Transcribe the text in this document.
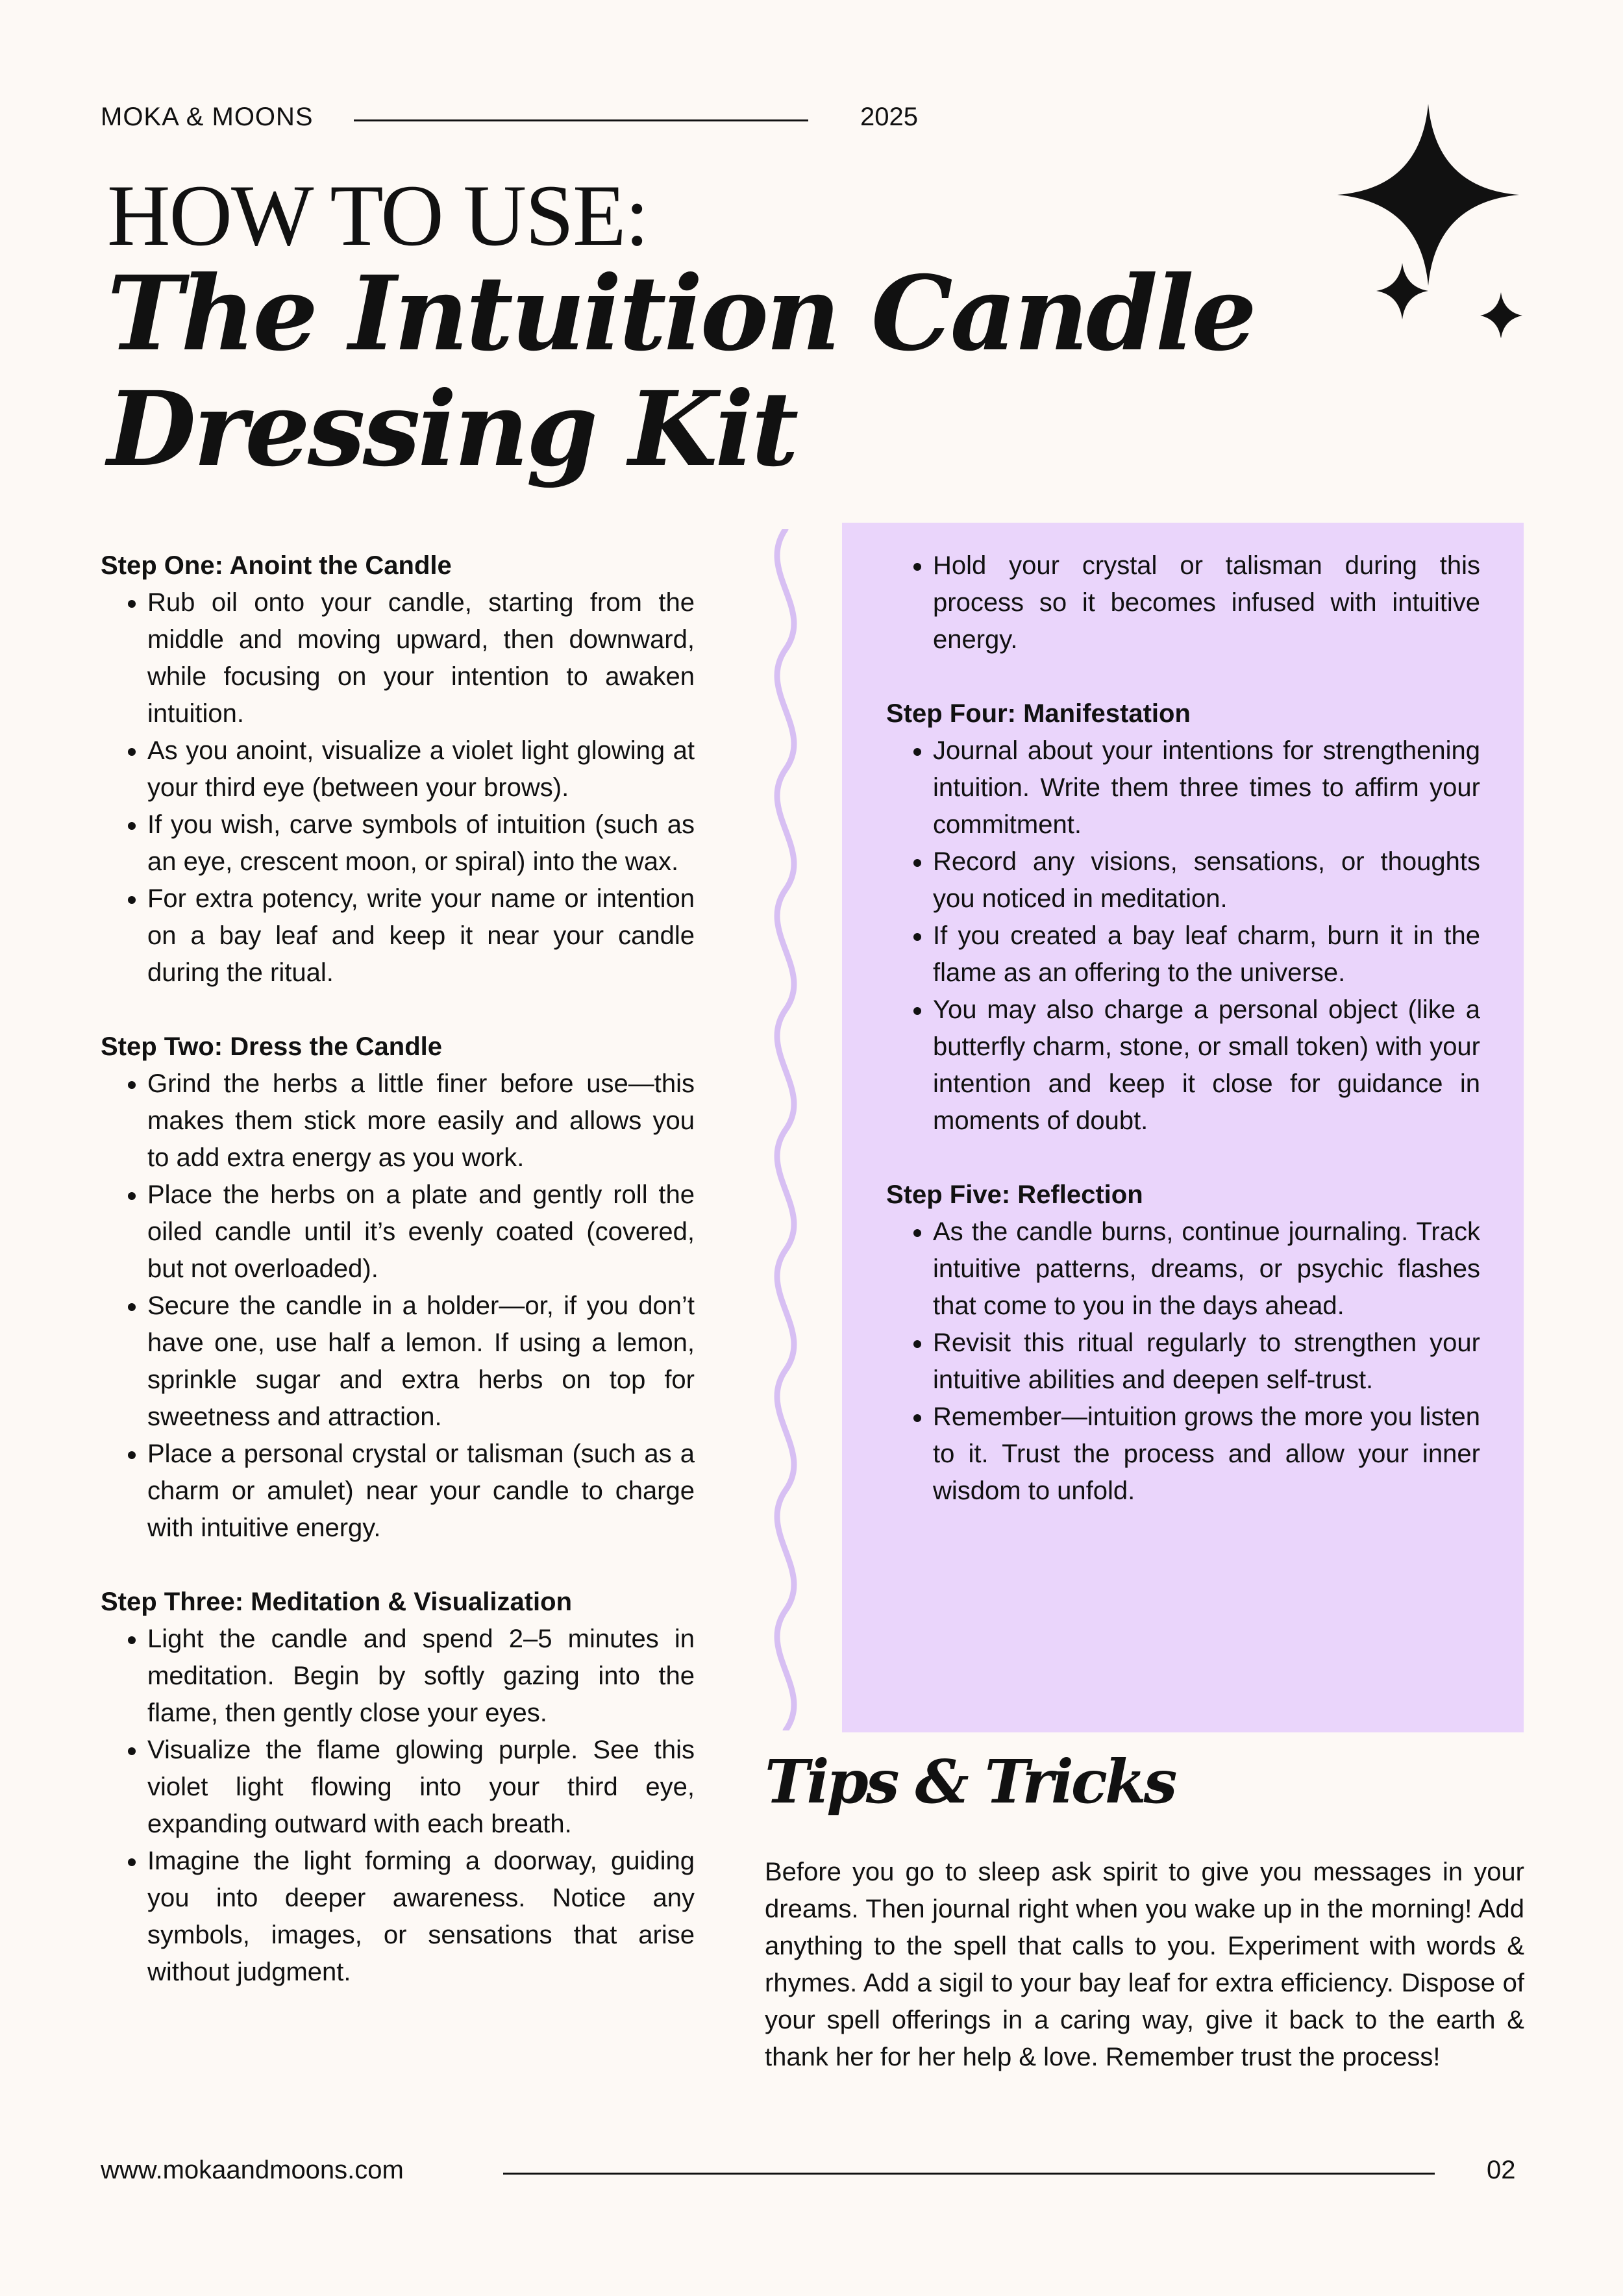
MOKA & MOONS	2025
HOW TO USE:
The Intuition Candle Dressing Kit
Step One: Anoint the Candle
• Rub oil onto your candle, starting from the middle and moving upward, then downward, while focusing on your intention to awaken intuition.
• As you anoint, visualize a violet light glowing at your third eye (between your brows).
• If you wish, carve symbols of intuition (such as an eye, crescent moon, or spiral) into the wax.
• For extra potency, write your name or intention on a bay leaf and keep it near your candle during the ritual.
Step Two: Dress the Candle
• Grind the herbs a little finer before use—this makes them stick more easily and allows you to add extra energy as you work.
• Place the herbs on a plate and gently roll the oiled candle until it’s evenly coated (covered, but not overloaded).
• Secure the candle in a holder—or, if you don’t have one, use half a lemon. If using a lemon, sprinkle sugar and extra herbs on top for sweetness and attraction.
• Place a personal crystal or talisman (such as a charm or amulet) near your candle to charge with intuitive energy.
Step Three: Meditation & Visualization
• Light the candle and spend 2–5 minutes in meditation. Begin by softly gazing into the flame, then gently close your eyes.
• Visualize the flame glowing purple. See this violet light flowing into your third eye, expanding outward with each breath.
• Imagine the light forming a doorway, guiding you into deeper awareness. Notice any symbols, images, or sensations that arise without judgment.
• Hold your crystal or talisman during this process so it becomes infused with intuitive energy.
Step Four: Manifestation
• Journal about your intentions for strengthening intuition. Write them three times to affirm your commitment.
• Record any visions, sensations, or thoughts you noticed in meditation.
• If you created a bay leaf charm, burn it in the flame as an offering to the universe.
• You may also charge a personal object (like a butterfly charm, stone, or small token) with your intention and keep it close for guidance in moments of doubt.
Step Five: Reflection
• As the candle burns, continue journaling. Track intuitive patterns, dreams, or psychic flashes that come to you in the days ahead.
• Revisit this ritual regularly to strengthen your intuitive abilities and deepen self-trust.
• Remember—intuition grows the more you listen to it. Trust the process and allow your inner wisdom to unfold.
Tips & Tricks
Before you go to sleep ask spirit to give you messages in your dreams. Then journal right when you wake up in the morning! Add anything to the spell that calls to you. Experiment with words & rhymes. Add a sigil to your bay leaf for extra efficiency. Dispose of your spell offerings in a caring way, give it back to the earth & thank her for her help & love. Remember trust the process!
www.mokaandmoons.com	02
